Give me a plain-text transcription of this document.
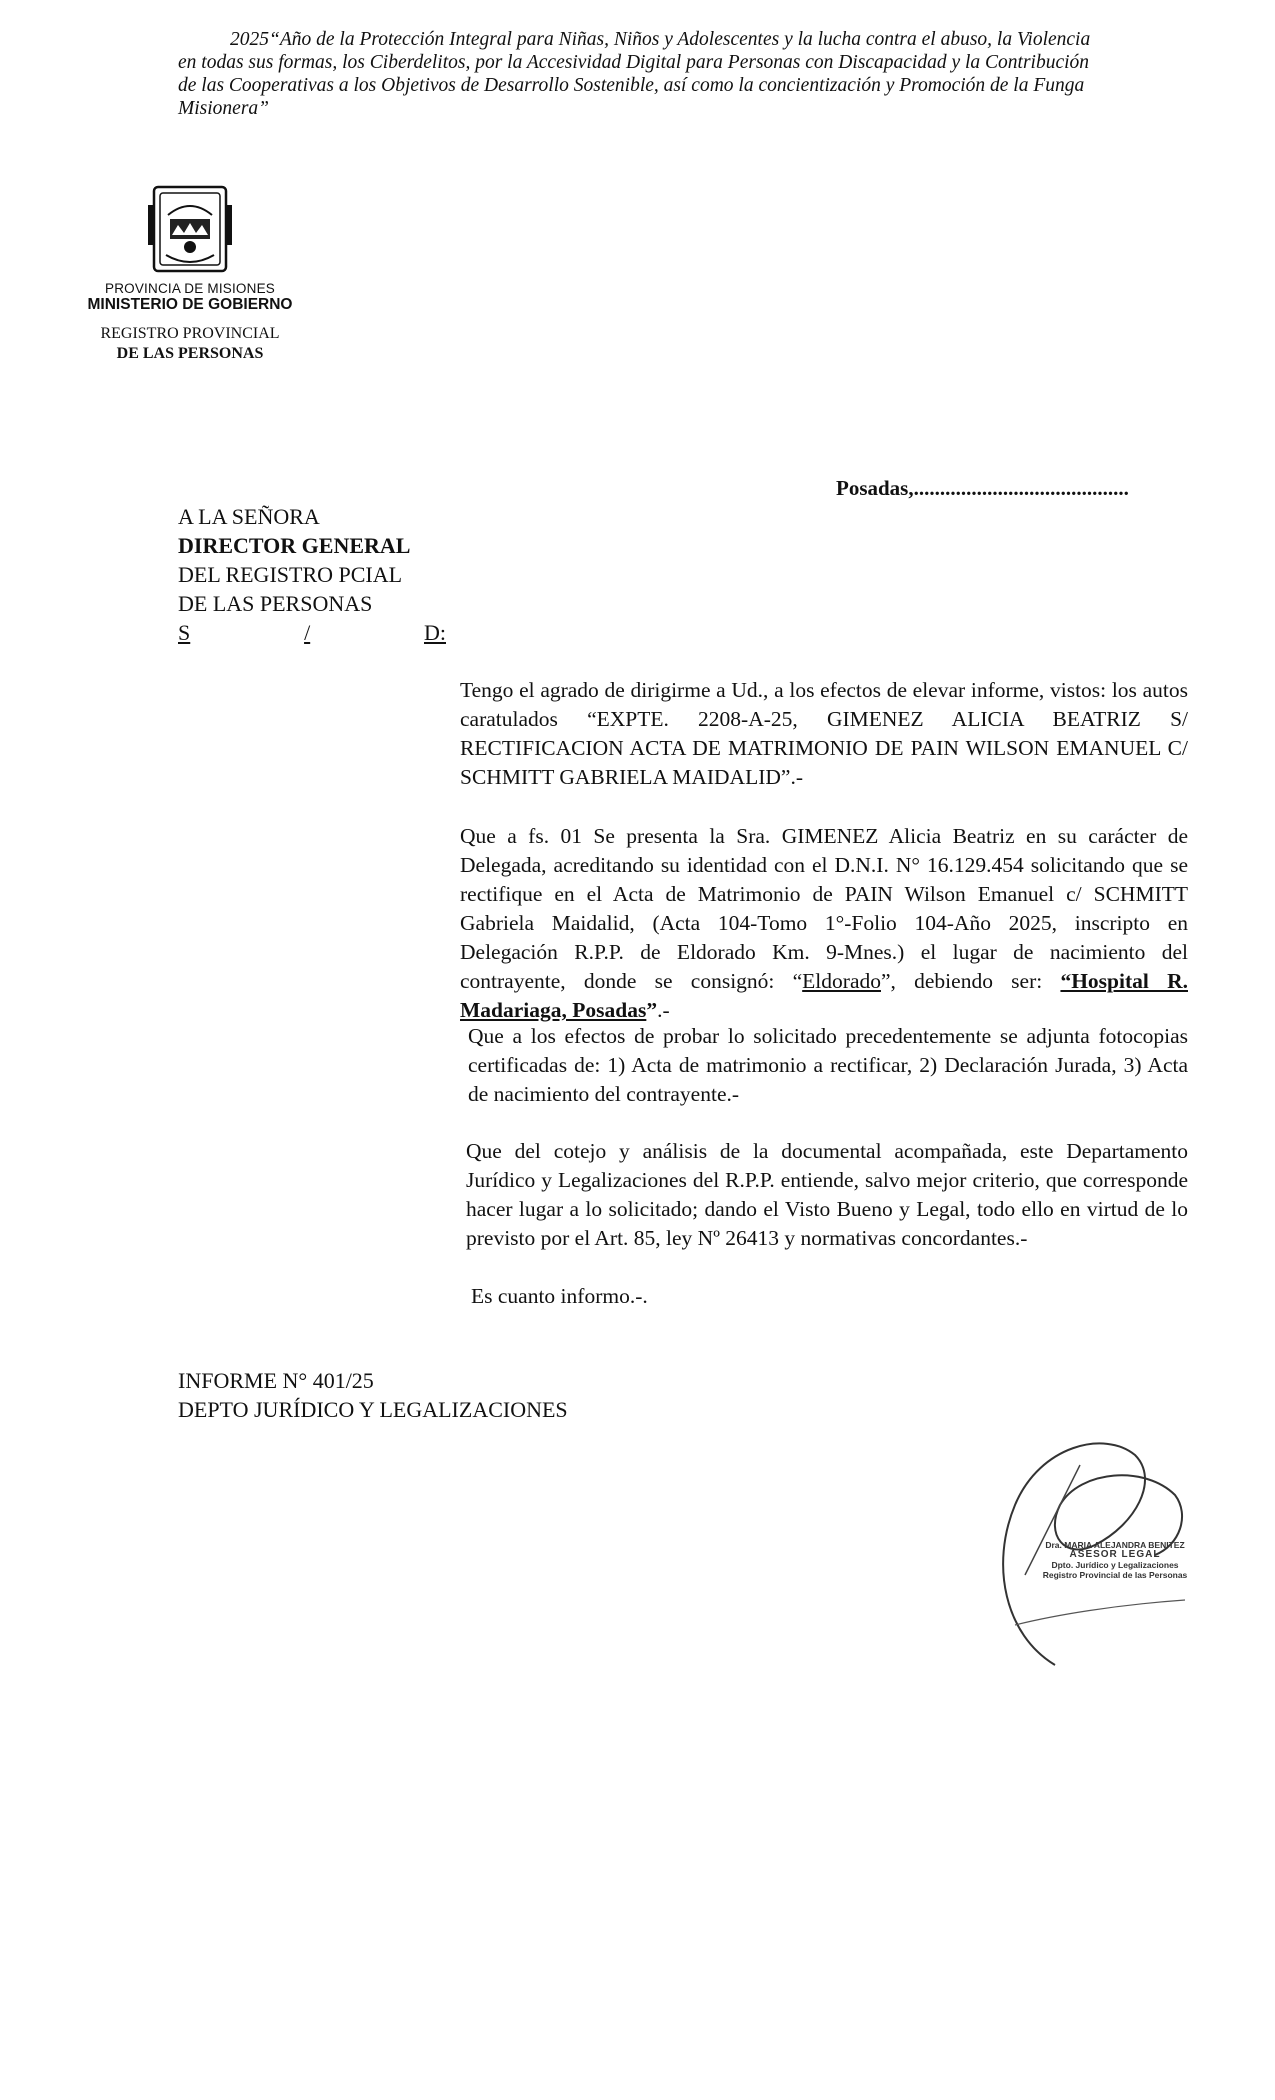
2025“Año de la Protección Integral para Niñas, Niños y Adolescentes y la lucha contra el abuso, la Violencia
en todas sus formas, los Ciberdelitos, por la Accesividad Digital para Personas con Discapacidad y la Contribución
de las Cooperativas a los Objetivos de Desarrollo Sostenible, así como la concientización y Promoción de la Funga
Misionera”
PROVINCIA DE MISIONES
MINISTERIO DE GOBIERNO
REGISTRO PROVINCIAL
DE LAS PERSONAS
Posadas,.........................................
A LA SEÑORA
DIRECTOR GENERAL
DEL REGISTRO PCIAL
DE LAS PERSONAS
S	/	D:
Tengo el agrado de dirigirme a Ud., a los efectos de elevar informe, vistos: los autos caratulados “EXPTE. 2208-A-25, GIMENEZ ALICIA BEATRIZ S/ RECTIFICACION ACTA DE MATRIMONIO DE PAIN WILSON EMANUEL C/ SCHMITT GABRIELA MAIDALID”.-
Que a fs. 01 Se presenta la Sra. GIMENEZ Alicia Beatriz en su carácter de Delegada, acreditando su identidad con el D.N.I. N° 16.129.454 solicitando que se rectifique en el Acta de Matrimonio de PAIN Wilson Emanuel c/ SCHMITT Gabriela Maidalid, (Acta 104-Tomo 1°-Folio 104-Año 2025, inscripto en Delegación R.P.P. de Eldorado Km. 9-Mnes.) el lugar de nacimiento del contrayente, donde se consignó: “Eldorado”, debiendo ser: “Hospital R. Madariaga, Posadas”.-
Que a los efectos de probar lo solicitado precedentemente se adjunta fotocopias certificadas de: 1) Acta de matrimonio a rectificar, 2) Declaración Jurada, 3) Acta de nacimiento del contrayente.-
Que del cotejo y análisis de la documental acompañada, este Departamento Jurídico y Legalizaciones del R.P.P. entiende, salvo mejor criterio, que corresponde hacer lugar a lo solicitado; dando el Visto Bueno y Legal, todo ello en virtud de lo previsto por el Art. 85, ley Nº 26413 y normativas concordantes.-
Es cuanto informo.-.
INFORME N° 401/25
DEPTO JURÍDICO Y LEGALIZACIONES
Dra. MARIA ALEJANDRA BENITEZ
ASESOR LEGAL
Dpto. Jurídico y Legalizaciones
Registro Provincial de las Personas
